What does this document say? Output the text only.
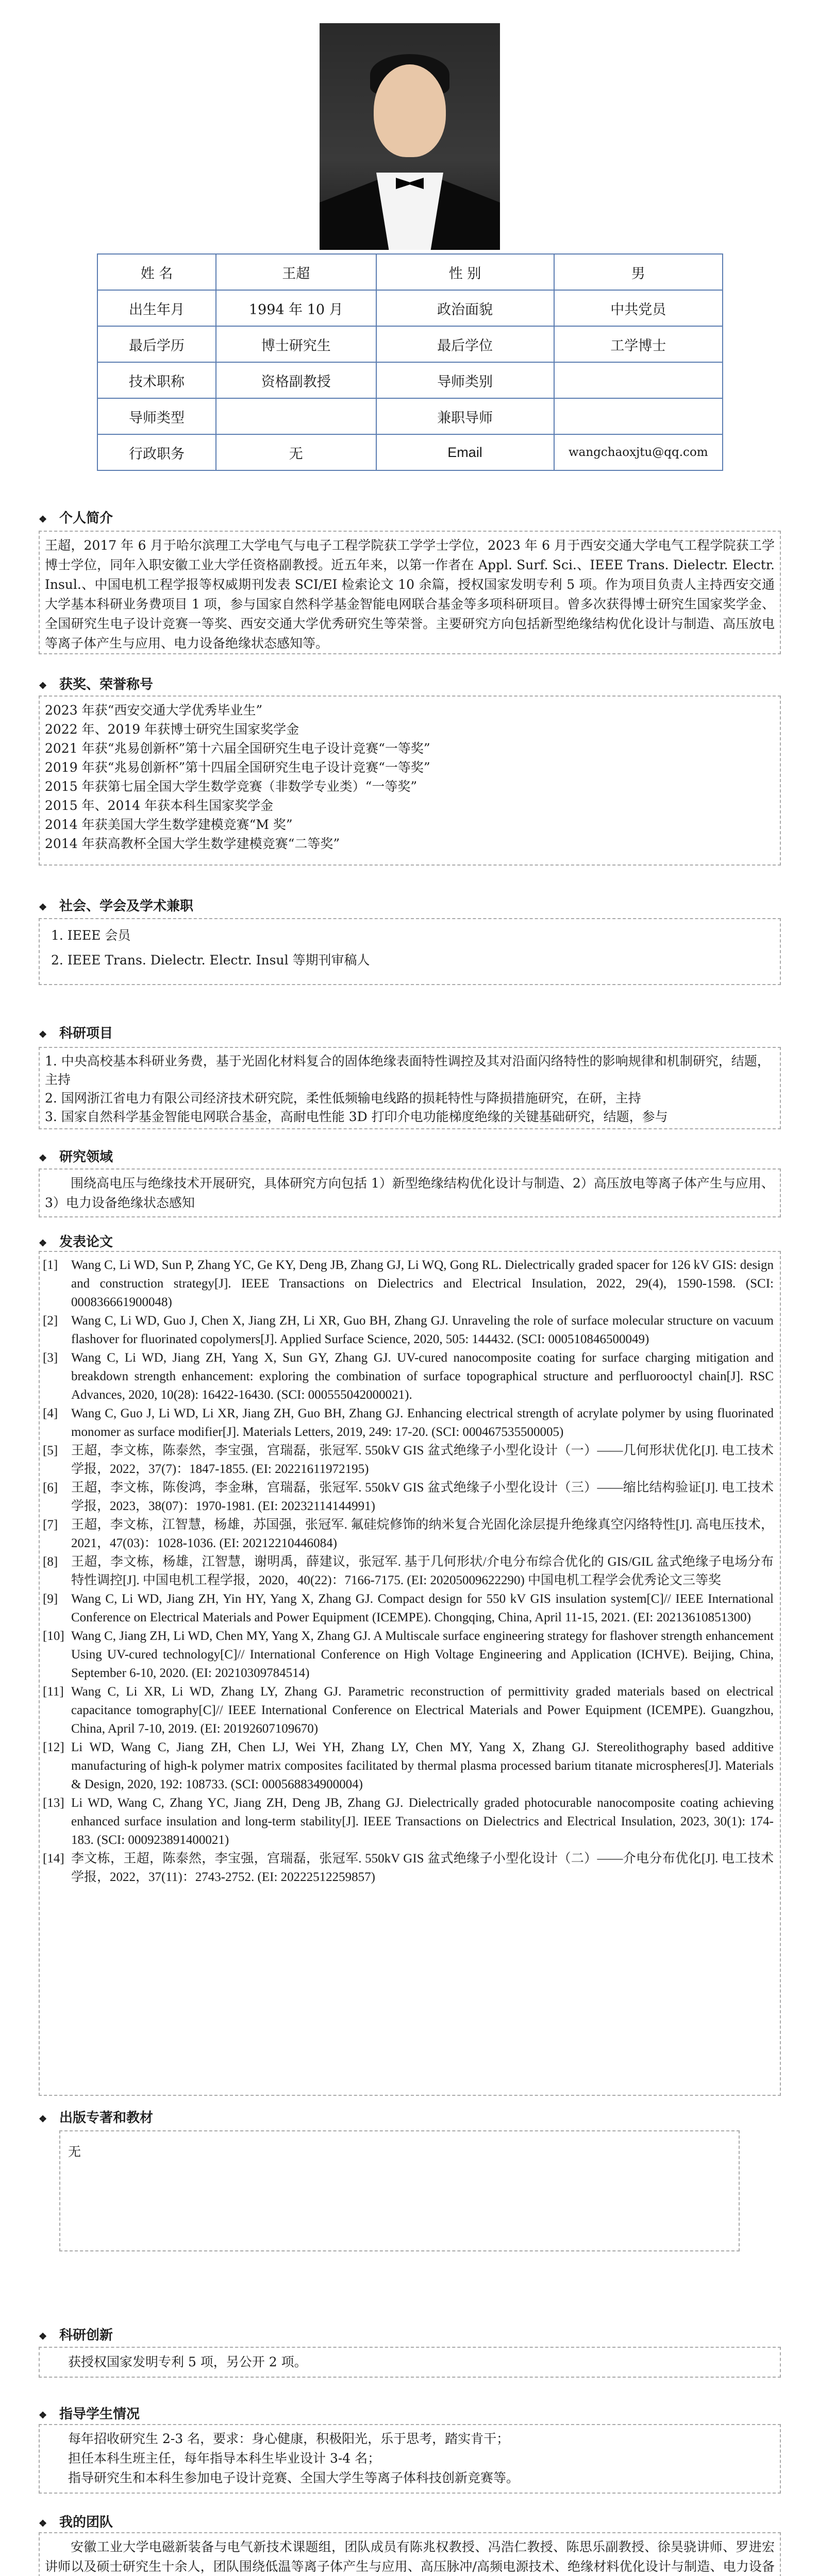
姓 名	王超	性 别	男
出生年月	1994 年 10 月	政治面貌	中共党员
最后学历	博士研究生	最后学位	工学博士
技术职称	资格副教授	导师类别	
导师类型		兼职导师	
行政职务	无	Email	wangchaoxjtu@qq.com
❖ 个人简介

王超，2017 年 6 月于哈尔滨理工大学电气与电子工程学院获工学学士学位，2023 年 6 月于西安交通大学电气工程学院获工学博士学位，同年入职安徽工业大学任资格副教授。近五年来，以第一作者在 Appl. Surf. Sci.、IEEE Trans. Dielectr. Electr. Insul.、中国电机工程学报等权威期刊发表 SCI/EI 检索论文 10 余篇，授权国家发明专利 5 项。作为项目负责人主持西安交通大学基本科研业务费项目 1 项，参与国家自然科学基金智能电网联合基金等多项科研项目。曾多次获得博士研究生国家奖学金、全国研究生电子设计竞赛一等奖、西安交通大学优秀研究生等荣誉。主要研究方向包括新型绝缘结构优化设计与制造、高压放电等离子体产生与应用、电力设备绝缘状态感知等。

❖ 获奖、荣誉称号
2023 年获“西安交通大学优秀毕业生”
2022 年、2019 年获博士研究生国家奖学金
2021 年获“兆易创新杯”第十六届全国研究生电子设计竞赛“一等奖”
2019 年获“兆易创新杯”第十四届全国研究生电子设计竞赛“一等奖”
2015 年获第七届全国大学生数学竞赛（非数学专业类）“一等奖”
2015 年、2014 年获本科生国家奖学金
2014 年获美国大学生数学建模竞赛“M 奖”
2014 年获高教杯全国大学生数学建模竞赛“二等奖”
❖ 社会、学会及学术兼职
1. IEEE 会员
2. IEEE Trans. Dielectr. Electr. Insul 等期刊审稿人
❖ 科研项目
1. 中央高校基本科研业务费，基于光固化材料复合的固体绝缘表面特性调控及其对沿面闪络特性的影响规律和机制研究，结题，主持
2. 国网浙江省电力有限公司经济技术研究院，柔性低频输电线路的损耗特性与降损措施研究，在研，主持
3. 国家自然科学基金智能电网联合基金，高耐电性能 3D 打印介电功能梯度绝缘的关键基础研究，结题，参与
❖ 研究领域

围绕高电压与绝缘技术开展研究，具体研究方向包括 1）新型绝缘结构优化设计与制造、2）高压放电等离子体产生与应用、3）电力设备绝缘状态感知

❖ 发表论文
[1]	Wang C, Li WD, Sun P, Zhang YC, Ge KY, Deng JB, Zhang GJ, Li WQ, Gong RL. Dielectrically graded spacer for 126 kV GIS: design and construction strategy[J]. IEEE Transactions on Dielectrics and Electrical Insulation, 2022, 29(4), 1590-1598. (SCI: 000836661900048)
[2]	Wang C, Li WD, Guo J, Chen X, Jiang ZH, Li XR, Guo BH, Zhang GJ. Unraveling the role of surface molecular structure on vacuum flashover for fluorinated copolymers[J]. Applied Surface Science, 2020, 505: 144432. (SCI: 000510846500049)
[3]	Wang C, Li WD, Jiang ZH, Yang X, Sun GY, Zhang GJ. UV-cured nanocomposite coating for surface charging mitigation and breakdown strength enhancement: exploring the combination of surface topographical structure and perfluorooctyl chain[J]. RSC Advances, 2020, 10(28): 16422-16430. (SCI: 000555042000021).
[4]	Wang C, Guo J, Li WD, Li XR, Jiang ZH, Guo BH, Zhang GJ. Enhancing electrical strength of acrylate polymer by using fluorinated monomer as surface modifier[J]. Materials Letters, 2019, 249: 17-20. (SCI: 000467535500005)
[5]	王超，李文栋，陈泰然，李宝强，宫瑞磊，张冠军. 550kV GIS 盆式绝缘子小型化设计（一）——几何形状优化[J]. 电工技术学报，2022，37(7)：1847-1855. (EI: 20221611972195)
[6]	王超，李文栋，陈俊鸿，李金琳，宫瑞磊，张冠军. 550kV GIS 盆式绝缘子小型化设计（三）——缩比结构验证[J]. 电工技术学报，2023，38(07)：1970-1981. (EI: 20232114144991)
[7]	王超，李文栋，江智慧，杨雄，苏国强，张冠军. 氟硅烷修饰的纳米复合光固化涂层提升绝缘真空闪络特性[J]. 高电压技术，2021，47(03)：1028-1036. (EI: 20212210446084)
[8]	王超，李文栋，杨雄，江智慧，谢明禹，薛建议，张冠军. 基于几何形状/介电分布综合优化的 GIS/GIL 盆式绝缘子电场分布特性调控[J]. 中国电机工程学报，2020，40(22)：7166-7175. (EI: 20205009622290) 中国电机工程学会优秀论文三等奖
[9]	Wang C, Li WD, Jiang ZH, Yin HY, Yang X, Zhang GJ. Compact design for 550 kV GIS insulation system[C]// IEEE International Conference on Electrical Materials and Power Equipment (ICEMPE). Chongqing, China, April 11-15, 2021. (EI: 20213610851300)
[10] Wang C, Jiang ZH, Li WD, Chen MY, Yang X, Zhang GJ. A Multiscale surface engineering strategy for flashover strength enhancement Using UV-cured technology[C]// International Conference on High Voltage Engineering and Application (ICHVE). Beijing, China, September 6-10, 2020. (EI: 20210309784514)
[11] Wang C, Li XR, Li WD, Zhang LY, Zhang GJ. Parametric reconstruction of permittivity graded materials based on electrical capacitance tomography[C]// IEEE International Conference on Electrical Materials and Power Equipment (ICEMPE). Guangzhou, China, April 7-10, 2019. (EI: 20192607109670)
[12] Li WD, Wang C, Jiang ZH, Chen LJ, Wei YH, Zhang LY, Chen MY, Yang X, Zhang GJ. Stereolithography based additive manufacturing of high-k polymer matrix composites facilitated by thermal plasma processed barium titanate microspheres[J]. Materials & Design, 2020, 192: 108733. (SCI: 000568834900004)
[13] Li WD, Wang C, Zhang YC, Jiang ZH, Deng JB, Zhang GJ. Dielectrically graded photocurable nanocomposite coating achieving enhanced surface insulation and long-term stability[J]. IEEE Transactions on Dielectrics and Electrical Insulation, 2023, 30(1): 174-183. (SCI: 000923891400021)
[14] 李文栋，王超，陈泰然，李宝强，宫瑞磊，张冠军. 550kV GIS 盆式绝缘子小型化设计（二）——介电分布优化[J]. 电工技术学报，2022，37(11)：2743-2752. (EI: 20222512259857)
❖ 出版专著和教材

无

❖ 科研创新

获授权国家发明专利 5 项，另公开 2 项。

❖ 指导学生情况
每年招收研究生 2-3 名，要求：身心健康，积极阳光，乐于思考，踏实肯干；
担任本科生班主任，每年指导本科生毕业设计 3-4 名；
指导研究生和本科生参加电子设计竞赛、全国大学生等离子体科技创新竞赛等。
❖ 我的团队

安徽工业大学电磁新装备与电气新技术课题组，团队成员有陈兆权教授、冯浩仁教授、陈思乐副教授、徐昊骁讲师、罗进宏讲师以及硕士研究生十余人，团队围绕低温等离子体产生与应用、高压脉冲/高频电源技术、绝缘材料优化设计与制造、电力设备
